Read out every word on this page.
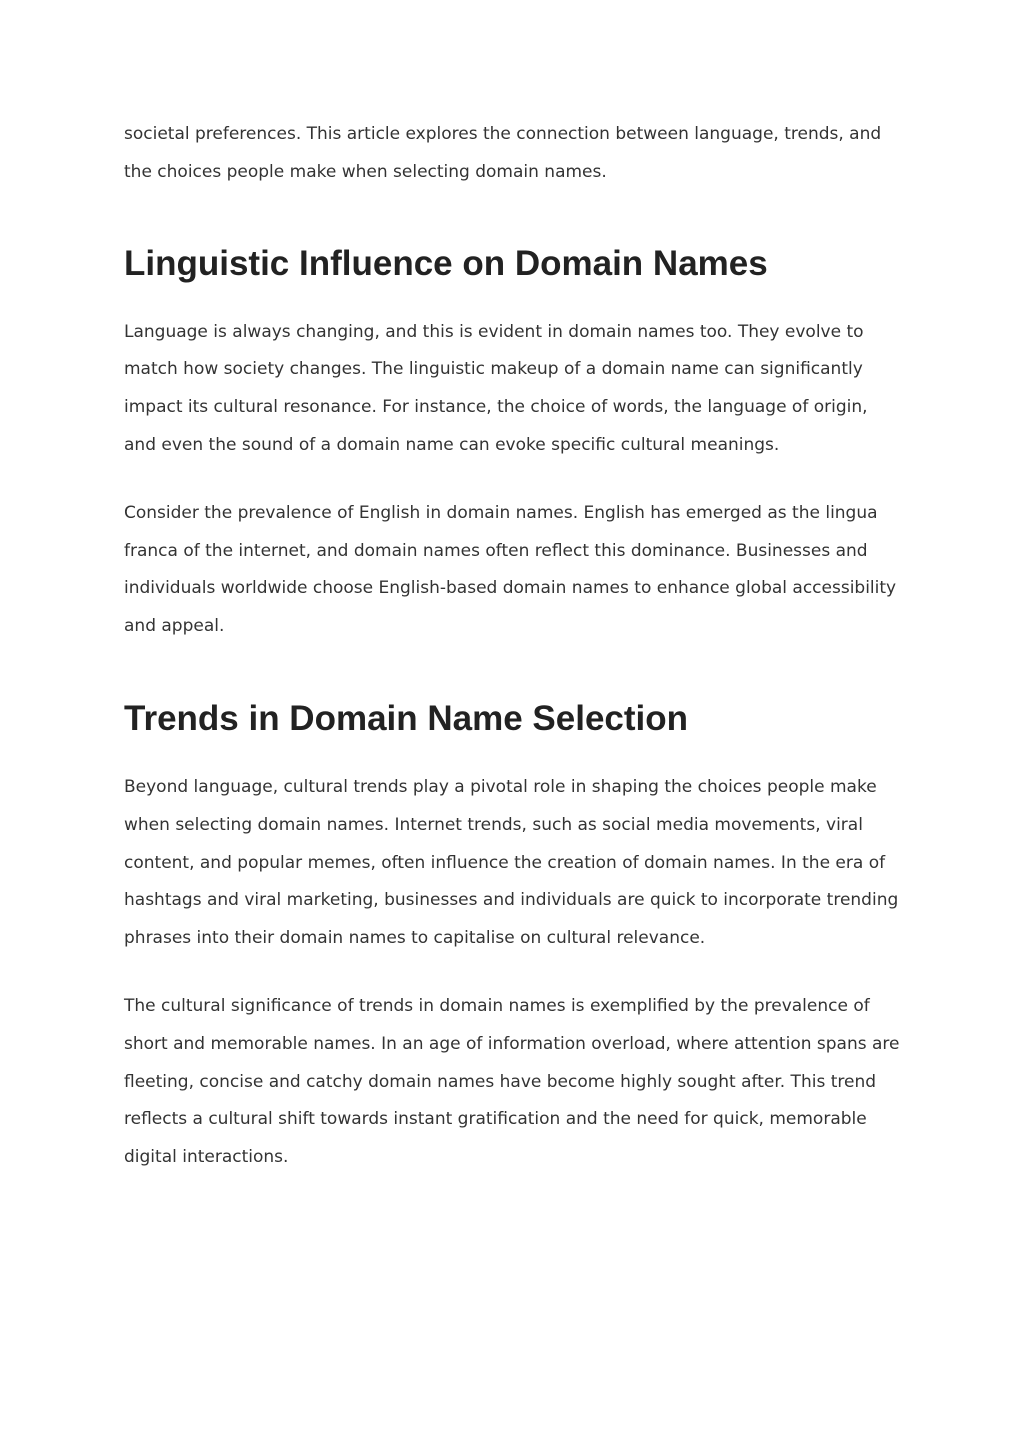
societal preferences. This article explores the connection between language, trends, and the choices people make when selecting domain names.

Linguistic Influence on Domain Names

Language is always changing, and this is evident in domain names too. They evolve to match how society changes. The linguistic makeup of a domain name can significantly impact its cultural resonance. For instance, the choice of words, the language of origin, and even the sound of a domain name can evoke specific cultural meanings.

Consider the prevalence of English in domain names. English has emerged as the lingua franca of the internet, and domain names often reflect this dominance. Businesses and individuals worldwide choose English-based domain names to enhance global accessibility and appeal.

Trends in Domain Name Selection

Beyond language, cultural trends play a pivotal role in shaping the choices people make when selecting domain names. Internet trends, such as social media movements, viral content, and popular memes, often influence the creation of domain names. In the era of hashtags and viral marketing, businesses and individuals are quick to incorporate trending phrases into their domain names to capitalise on cultural relevance.

The cultural significance of trends in domain names is exemplified by the prevalence of short and memorable names. In an age of information overload, where attention spans are fleeting, concise and catchy domain names have become highly sought after. This trend reflects a cultural shift towards instant gratification and the need for quick, memorable digital interactions.
